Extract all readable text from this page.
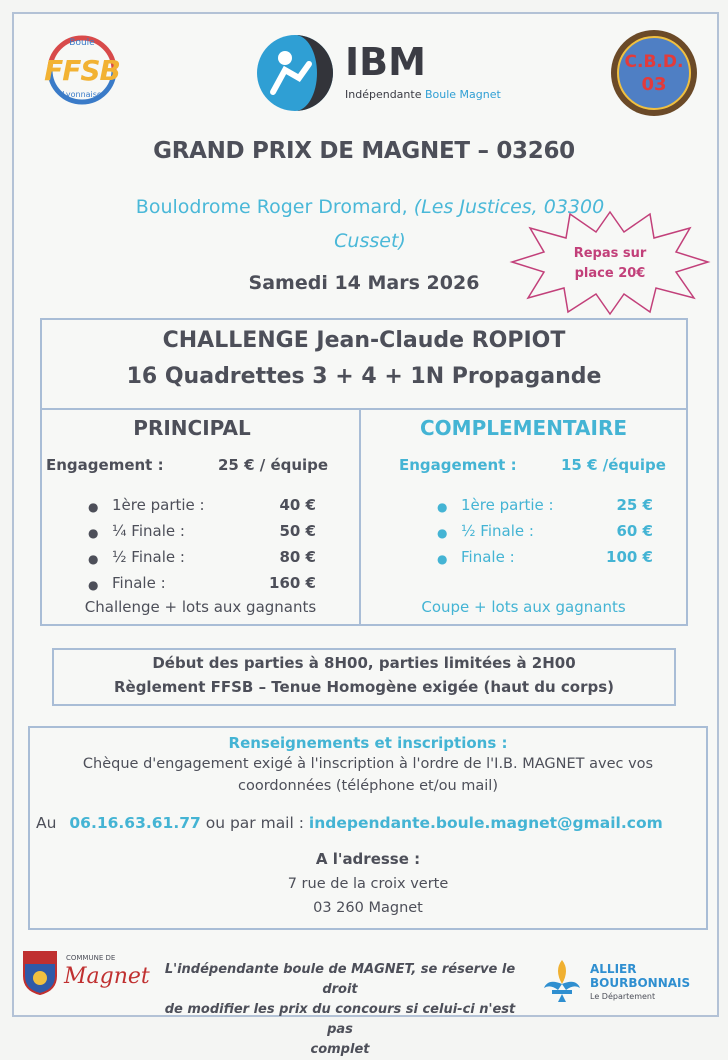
Boule
FFSB
Lyonnaise
IBM
Indépendante Boule Magnet
C.B.D.
03
GRAND PRIX DE MAGNET – 03260
Boulodrome Roger Dromard, (Les Justices, 03300
Cusset)
Samedi 14 Mars 2026
Repas sur
place 20€
CHALLENGE Jean-Claude ROPIOT
16 Quadrettes 3 + 4 + 1N Propagande
PRINCIPAL
Engagement :	25 € / équipe
● 1ère partie :	40 €
● ¼ Finale :	50 €
● ½ Finale :	80 €
● Finale :	160 €
Challenge + lots aux gagnants
COMPLEMENTAIRE
Engagement :	15 € /équipe
● 1ère partie :	25 €
● ½ Finale :	60 €
● Finale :	100 €
Coupe + lots aux gagnants
Début des parties à 8H00, parties limitées à 2H00
Règlement FFSB – Tenue Homogène exigée (haut du corps)
Renseignements et inscriptions :
Chèque d'engagement exigé à l'inscription à l'ordre de l'I.B. MAGNET avec vos
coordonnées (téléphone et/ou mail)
Au 06.16.63.61.77 ou par mail : independante.boule.magnet@gmail.com
A l'adresse :
7 rue de la croix verte
03 260 Magnet
COMMUNE DE
Magnet	L'indépendante boule de MAGNET, se réserve le droit
de modifier les prix du concours si celui-ci n'est pas
complet
ALLIER
BOURBONNAIS
Le Département
